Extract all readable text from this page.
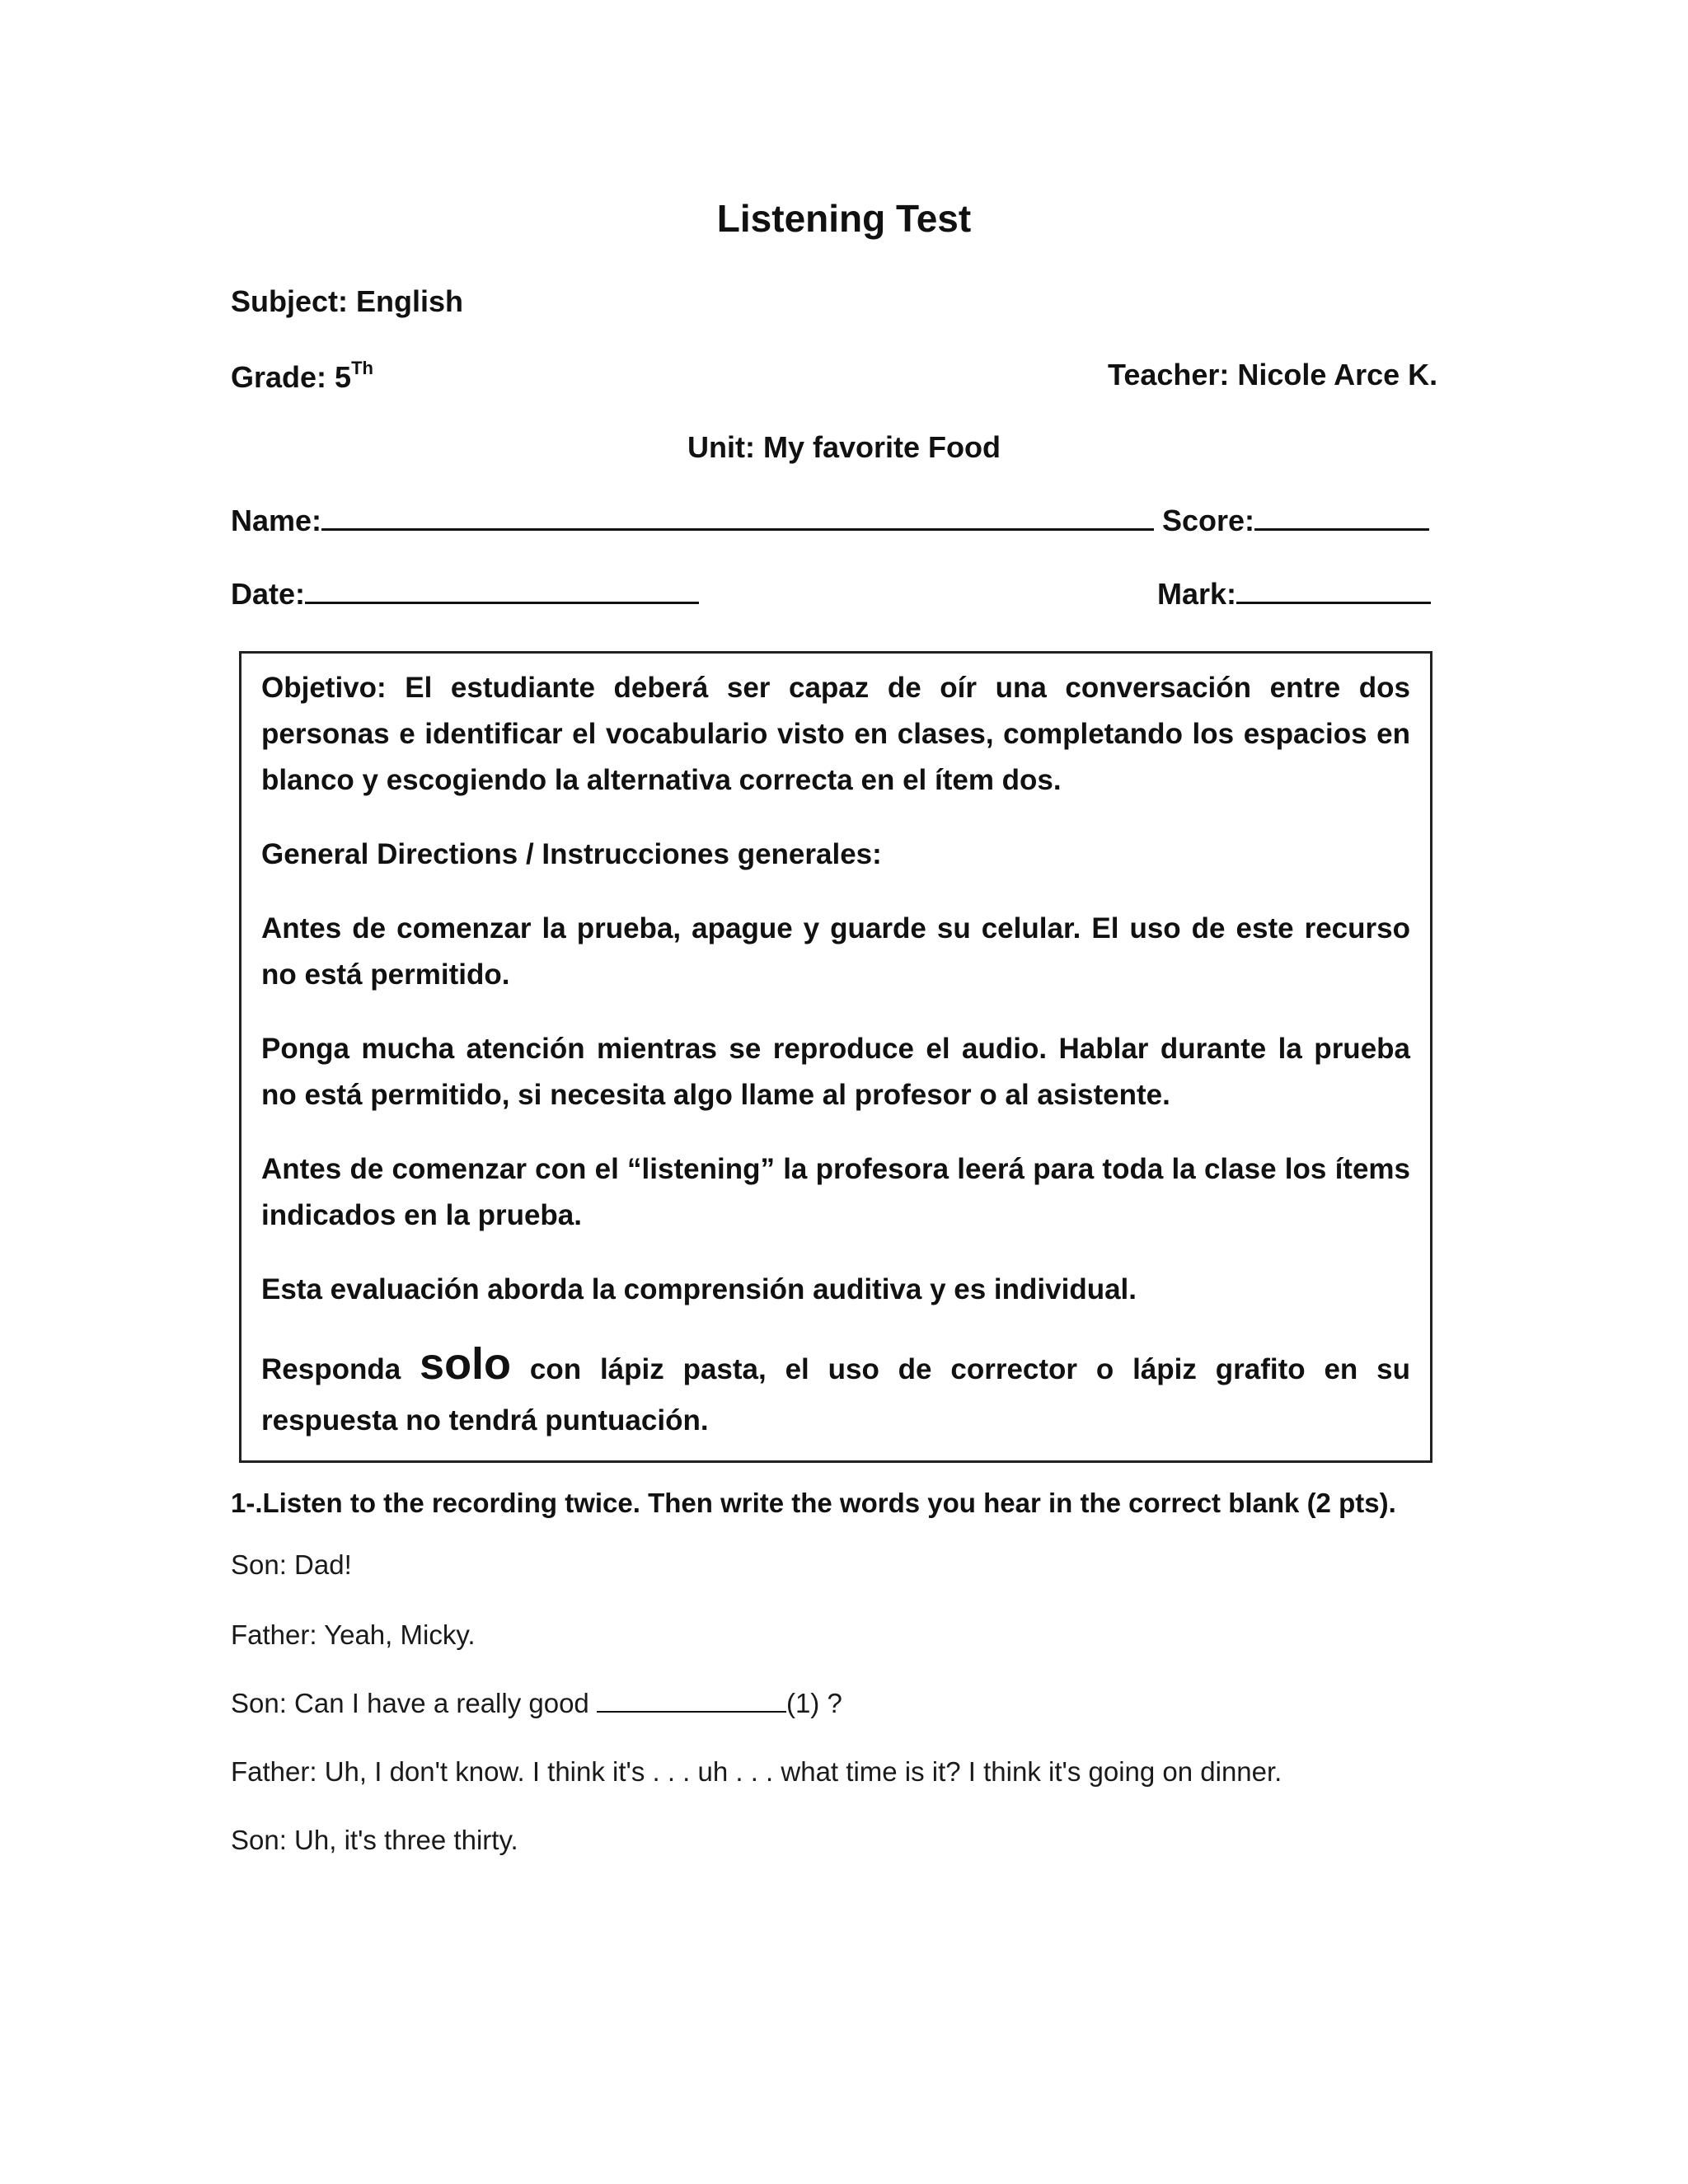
Listening Test
Subject: English
Grade: 5Th	Teacher: Nicole Arce K.
Unit: My favorite Food
Name:	Score:
Date:	Mark:

Objetivo: El estudiante deberá ser capaz de oír una conversación entre dos personas e identificar el vocabulario visto en clases, completando los espacios en blanco y escogiendo la alternativa correcta en el ítem dos.

General Directions / Instrucciones generales:

Antes de comenzar la prueba, apague y guarde su celular. El uso de este recurso no está permitido.

Ponga mucha atención mientras se reproduce el audio. Hablar durante la prueba no está permitido, si necesita algo llame al profesor o al asistente.

Antes de comenzar con el “listening” la profesora leerá para toda la clase los ítems indicados en la prueba.

Esta evaluación aborda la comprensión auditiva y es individual.

Responda solo con lápiz pasta, el uso de corrector o lápiz grafito en su respuesta no tendrá puntuación.

1-.Listen to the recording twice. Then write the words you hear in the correct blank (2 pts).
Son: Dad!
Father: Yeah, Micky.
Son: Can I have a really good	(1) ?
Father: Uh, I don't know. I think it's . . . uh . . . what time is it? I think it's going on dinner.
Son: Uh, it's three thirty.
